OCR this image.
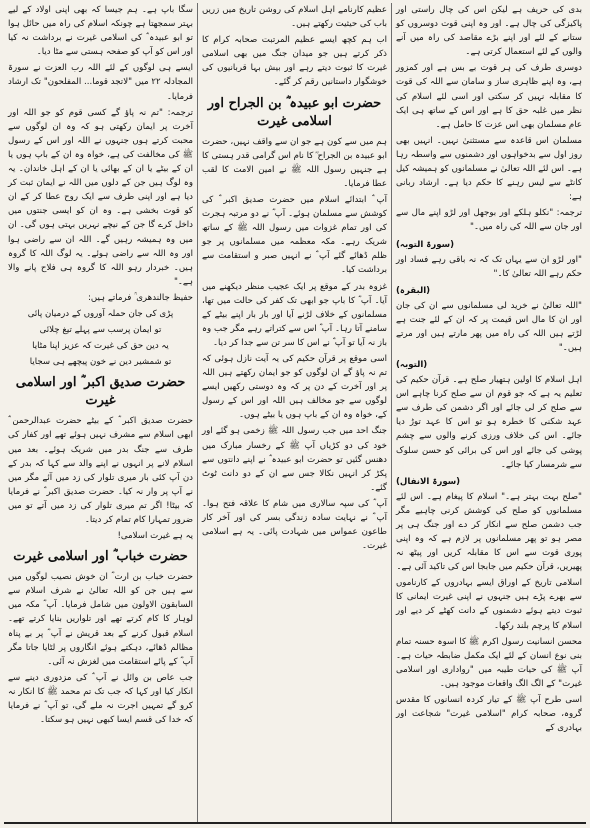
بدی کی حریف ہے لیکن اس کی چال راستی اور پاکیزگی کی چال ہے۔ اور وہ اپنی قوت دوسروں کو ستانے کے لئے اور اپنے بڑے مقاصد کی راہ میں آنے والوں کے لئے استعمال کرتی ہے۔

دوسری طرف کی ہر قوت بے بس ہے اور کمزور ہے، وہ اپنے ظاہری ساز و سامان سے اللہ کی قوت کا مقابلہ نہیں کر سکتی اور اسی لئے اسلام کی نظر میں غلبہ حق کا ہے اور اس کے ساتھ ہی ایک عام مسلمان بھی اس عزت کا حامل ہے۔

مسلمان اس قاعدہ سے مستثنیٰ نہیں۔ انہیں بھی روز اول سے بدخواہوں اور دشمنوں سے واسطہ رہا ہے۔ اس لئے اللہ تعالیٰ نے مسلمانوں کو ہمیشہ کیل کانٹے سے لیس رہنے کا حکم دیا ہے۔ ارشاد ربانی ہے:

ترجمہ: "نکلو ہلکے اور بوجھل اور لڑو اپنے مال سے اور جان سے اللہ کی راہ میں۔"

(سورۃ التوبہ)

"اور لڑو ان سے یہاں تک کہ نہ باقی رہے فساد اور حکم رہے اللہ تعالیٰ کا۔"

(البقرہ)

"اللہ تعالیٰ نے خرید لی مسلمانوں سے ان کی جان اور ان کا مال اس قیمت پر کہ ان کے لئے جنت ہے لڑتے ہیں اللہ کی راہ میں پھر مارتے ہیں اور مرتے ہیں۔"

(التوبہ)

اہل اسلام کا اولین ہتھیار صلح ہے۔ قرآن حکیم کی تعلیم یہ ہے کہ جو قوم ان سے صلح کرنا چاہے اس سے صلح کر لی جائے اور اگر دشمن کی طرف سے عہد شکنی کا خطرہ ہو تو اس کا عہد توڑ دیا جائے۔ اس کی خلاف ورزی کرنے والوں سے چشم پوشی کی جائے اور اس کی برائی کو حسن سلوک سے شرمسار کیا جائے۔

(سورۃ الانفال)

"صلح بہت بہتر ہے۔" اسلام کا پیغام ہے۔ اس لئے مسلمانوں کو صلح کی کوشش کرنی چاہیے مگر جب دشمن صلح سے انکار کر دے اور جنگ ہی پر مصر ہو تو پھر مسلمانوں پر لازم ہے کہ وہ اپنی پوری قوت سے اس کا مقابلہ کریں اور پیٹھ نہ پھیریں، قرآن حکیم میں جابجا اس کی تاکید آئی ہے۔

اسلامی تاریخ کے اوراق ایسے بہادروں کے کارناموں سے بھرے پڑے ہیں جنہوں نے اپنی غیرت ایمانی کا ثبوت دیتے ہوئے دشمنوں کے دانت کھٹے کر دیے اور اسلام کا پرچم بلند رکھا۔

محسن انسانیت رسول اکرم ﷺ کا اسوہ حسنہ تمام بنی نوع انسان کے لئے ایک مکمل ضابطہ حیات ہے۔ آپ ﷺ کی حیات طیبہ میں "رواداری اور اسلامی غیرت" کے الگ الگ واقعات موجود ہیں۔

اسی طرح آپ ﷺ کے تیار کردہ انسانوں کا مقدس گروہ، صحابہ کرام "اسلامی غیرت" شجاعت اور بہادری کے

عظیم کارنامے اہل اسلام کی روشن تاریخ میں زریں باب کی حیثیت رکھتے ہیں۔

اب ہم کچھ ایسے عظیم المرتبت صحابہ کرام کا ذکر کرتے ہیں جو میدان جنگ میں بھی اسلامی غیرت کا ثبوت دیتے رہے اور بیش بہا قربانیوں کی خوشگوار داستانیں رقم کر گئے۔

حضرت ابو عبیدہ ؓ بن الجراح اور اسلامی غیرت

ہم میں سے کون ہے جو ان سے واقف نہیں، حضرت ابو عبیدہ بن الجراح ؓ کا نام اس گرامی قدر ہستی کا ہے جنہیں رسول اللہ ﷺ نے امین الامت کا لقب عطا فرمایا۔

آپ ؓ ابتدائے اسلام میں حضرت صدیق اکبر ؓ کی کوشش سے مسلمان ہوئے۔ آپ ؓ نے دو مرتبہ ہجرت کی اور تمام غزوات میں رسول اللہ ﷺ کے ساتھ شریک رہے۔ مکہ معظمہ میں مسلمانوں پر جو ظلم ڈھائے گئے آپ ؓ نے انہیں صبر و استقامت سے برداشت کیا۔

غزوہ بدر کے موقع پر ایک عجیب منظر دیکھنے میں آیا۔ آپ ؓ کا باپ جو ابھی تک کفر کی حالت میں تھا، مسلمانوں کے خلاف لڑنے آیا اور بار بار اپنے بیٹے کے سامنے آتا رہا۔ آپ ؓ اس سے کتراتے رہے مگر جب وہ باز نہ آیا تو آپ ؓ نے اس کا سر تن سے جدا کر دیا۔

اسی موقع پر قرآن حکیم کی یہ آیت نازل ہوئی کہ تم نہ پاؤ گے ان لوگوں کو جو ایمان رکھتے ہیں اللہ پر اور آخرت کے دن پر کہ وہ دوستی رکھیں ایسے لوگوں سے جو مخالف ہیں اللہ اور اس کے رسول کے، خواہ وہ ان کے باپ ہوں یا بیٹے ہوں۔

جنگ احد میں جب رسول اللہ ﷺ زخمی ہو گئے اور خود کی دو کڑیاں آپ ﷺ کے رخسار مبارک میں دھنس گئیں تو حضرت ابو عبیدہ ؓ نے اپنے دانتوں سے پکڑ کر انہیں نکالا جس سے ان کے دو دانت ٹوٹ گئے۔

آپ ؓ کی سپہ سالاری میں شام کا علاقہ فتح ہوا۔ آپ ؓ نے نہایت سادہ زندگی بسر کی اور آخر کار طاعون عمواس میں شہادت پائی۔ یہ ہے اسلامی غیرت۔

سگا باپ ہے۔ ہم جیسا کہ بھی اپنی اولاد کے لیے بہتر سمجھتا ہے چونکہ اسلام کی راہ میں حائل ہوا تو ابو عبیدہ ؓ کی اسلامی غیرت نے برداشت نہ کیا اور اس کو آپ کو صفحہ ہستی سے مٹا دیا۔

ایسے ہی لوگوں کے لئے اللہ رب العزت نے سورۃ المجادلہ ۲۲ میں "لاتجد قوما... المفلحون" تک ارشاد فرمایا۔

ترجمہ: "تم نہ پاؤ گے کسی قوم کو جو اللہ اور آخرت پر ایمان رکھتی ہو کہ وہ ان لوگوں سے محبت کرتے ہوں جنہوں نے اللہ اور اس کے رسول ﷺ کی مخالفت کی ہے، خواہ وہ ان کے باپ ہوں یا ان کے بیٹے یا ان کے بھائی یا ان کے اہل خاندان۔ یہ وہ لوگ ہیں جن کے دلوں میں اللہ نے ایمان ثبت کر دیا ہے اور اپنی طرف سے ایک روح عطا کر کے ان کو قوت بخشی ہے۔ وہ ان کو ایسی جنتوں میں داخل کرے گا جن کے نیچے نہریں بہتی ہوں گی۔ ان میں وہ ہمیشہ رہیں گے۔ اللہ ان سے راضی ہوا اور وہ اللہ سے راضی ہوئے۔ یہ لوگ اللہ کا گروہ ہیں۔ خبردار رہو اللہ کا گروہ ہی فلاح پانے والا ہے۔"

حفیظ جالندھری ؒ فرماتے ہیں:

پڑی کی جان حملہ آوروں کے درمیان پائی

تو ایمان پرسب سے پہلے تیغ چلائی

یہ دین حق کی غیرت کہ عزیز اپنا مٹایا

تو شمشیر دین نے خون پیچھے ہی سجایا

حضرت صدیق اکبر ؓ اور اسلامی غیرت

حضرت صدیق اکبر ؓ کے بیٹے حضرت عبدالرحمن ؓ ابھی اسلام سے مشرف نہیں ہوئے تھے اور کفار کی طرف سے جنگ بدر میں شریک ہوئے۔ بعد میں اسلام لانے پر انہوں نے اپنے والد سے کہا کہ بدر کے دن آپ کئی بار میری تلوار کی زد میں آئے مگر میں نے آپ پر وار نہ کیا۔ حضرت صدیق اکبر ؓ نے فرمایا کہ بیٹا! اگر تم میری تلوار کی زد میں آتے تو میں ضرور تمہارا کام تمام کر دیتا۔

یہ ہے غیرت اسلامی!

حضرت خباب ؓ اور اسلامی غیرت

حضرت خباب بن ارت ؓ ان خوش نصیب لوگوں میں سے ہیں جن کو اللہ تعالیٰ نے شرف اسلام سے السابقون الاولون میں شامل فرمایا۔ آپ ؓ مکہ میں لوہار کا کام کرتے تھے اور تلواریں بنایا کرتے تھے۔ اسلام قبول کرنے کے بعد قریش نے آپ ؓ پر بے پناہ مظالم ڈھائے، دہکتے ہوئے انگاروں پر لٹایا جاتا مگر آپ ؓ کے پائے استقامت میں لغزش نہ آئی۔

جب عاص بن وائل نے آپ ؓ کی مزدوری دینے سے انکار کیا اور کہا کہ جب تک تم محمد ﷺ کا انکار نہ کرو گے تمہیں اجرت نہ ملے گی، تو آپ ؓ نے فرمایا کہ خدا کی قسم ایسا کبھی نہیں ہو سکتا۔
